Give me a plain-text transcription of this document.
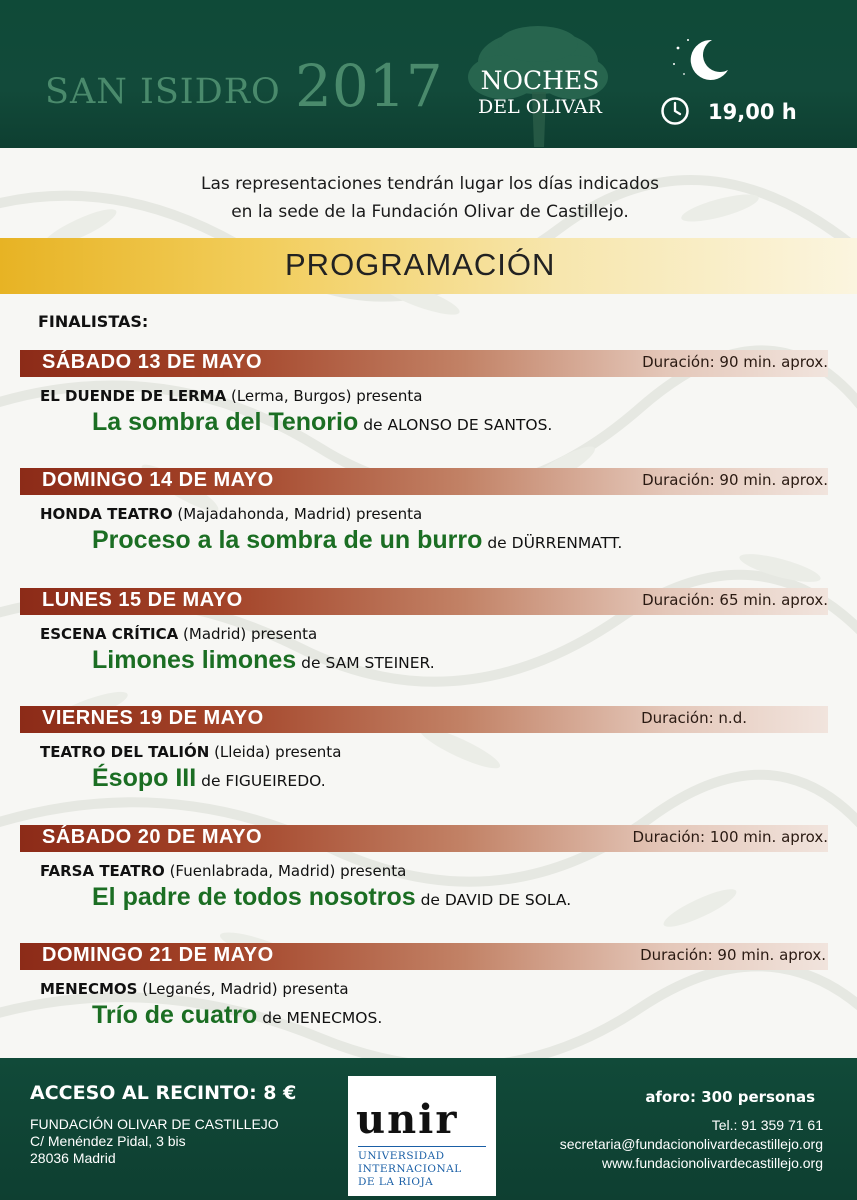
SAN ISIDRO 2017	NOCHES
DEL OLIVAR	19,00 h
Las representaciones tendrán lugar los días indicados
en la sede de la Fundación Olivar de Castillejo.
PROGRAMACIÓN
FINALISTAS:
SÁBADO 13 DE MAYO	Duración: 90 min. aprox.
EL DUENDE DE LERMA (Lerma, Burgos) presenta
La sombra del Tenorio de ALONSO DE SANTOS.
DOMINGO 14 DE MAYO	Duración: 90 min. aprox.
HONDA TEATRO (Majadahonda, Madrid) presenta
Proceso a la sombra de un burro de DÜRRENMATT.
LUNES 15 DE MAYO	Duración: 65 min. aprox.
ESCENA CRÍTICA (Madrid) presenta
Limones limones de SAM STEINER.
VIERNES 19 DE MAYO	Duración: n.d.
TEATRO DEL TALIÓN (Lleida) presenta
Ésopo III de FIGUEIREDO.
SÁBADO 20 DE MAYO	Duración: 100 min. aprox.
FARSA TEATRO (Fuenlabrada, Madrid) presenta
El padre de todos nosotros de DAVID DE SOLA.
DOMINGO 21 DE MAYO	Duración: 90 min. aprox.
MENECMOS (Leganés, Madrid) presenta
Trío de cuatro de MENECMOS.
ACCESO AL RECINTO: 8 €
FUNDACIÓN OLIVAR DE CASTILLEJO
C/ Menéndez Pidal, 3 bis
28036 Madrid
unir
UNIVERSIDAD
INTERNACIONAL
DE LA RIOJA
aforo: 300 personas
Tel.: 91 359 71 61
secretaria@fundacionolivardecastillejo.org
www.fundacionolivardecastillejo.org
